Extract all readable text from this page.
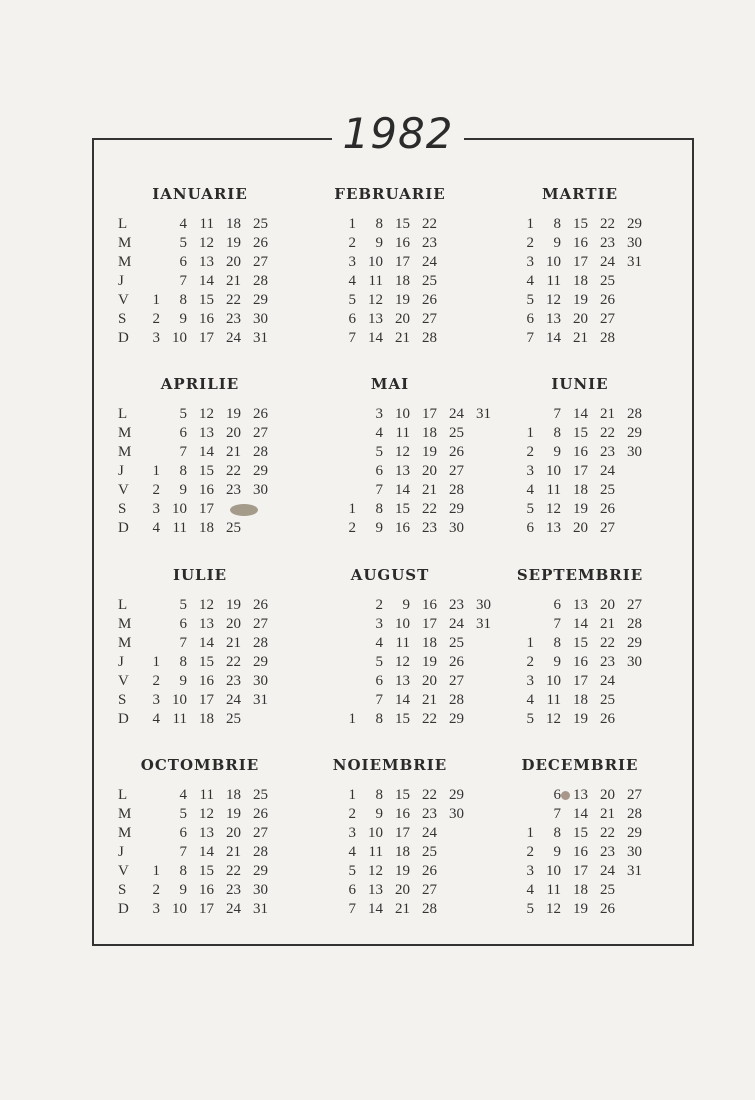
1982
IANUARIE
L
M
M
J
V
S
D
1
2
3
4
5
6
7
8
9
10
11
12
13
14
15
16
17
18
19
20
21
22
23
24
25
26
27
28
29
30
31
FEBRUARIE
1
2
3
4
5
6
7
8
9
10
11
12
13
14
15
16
17
18
19
20
21
22
23
24
25
26
27
28
MARTIE
1
2
3
4
5
6
7
8
9
10
11
12
13
14
15
16
17
18
19
20
21
22
23
24
25
26
27
28
29
30
31
APRILIE
L
M
M
J
V
S
D
1
2
3
4
5
6
7
8
9
10
11
12
13
14
15
16
17
18
19
20
21
22
23
25
26
27
28
29
30
MAI
1
2
3
4
5
6
7
8
9
10
11
12
13
14
15
16
17
18
19
20
21
22
23
24
25
26
27
28
29
30
31
IUNIE
1
2
3
4
5
6
7
8
9
10
11
12
13
14
15
16
17
18
19
20
21
22
23
24
25
26
27
28
29
30
IULIE
L
M
M
J
V
S
D
1
2
3
4
5
6
7
8
9
10
11
12
13
14
15
16
17
18
19
20
21
22
23
24
25
26
27
28
29
30
31
AUGUST
1
2
3
4
5
6
7
8
9
10
11
12
13
14
15
16
17
18
19
20
21
22
23
24
25
26
27
28
29
30
31
SEPTEMBRIE
1
2
3
4
5
6
7
8
9
10
11
12
13
14
15
16
17
18
19
20
21
22
23
24
25
26
27
28
29
30
OCTOMBRIE
L
M
M
J
V
S
D
1
2
3
4
5
6
7
8
9
10
11
12
13
14
15
16
17
18
19
20
21
22
23
24
25
26
27
28
29
30
31
NOIEMBRIE
1
2
3
4
5
6
7
8
9
10
11
12
13
14
15
16
17
18
19
20
21
22
23
24
25
26
27
28
29
30
DECEMBRIE
1
2
3
4
5
6
7
8
9
10
11
12
13
14
15
16
17
18
19
20
21
22
23
24
25
26
27
28
29
30
31
